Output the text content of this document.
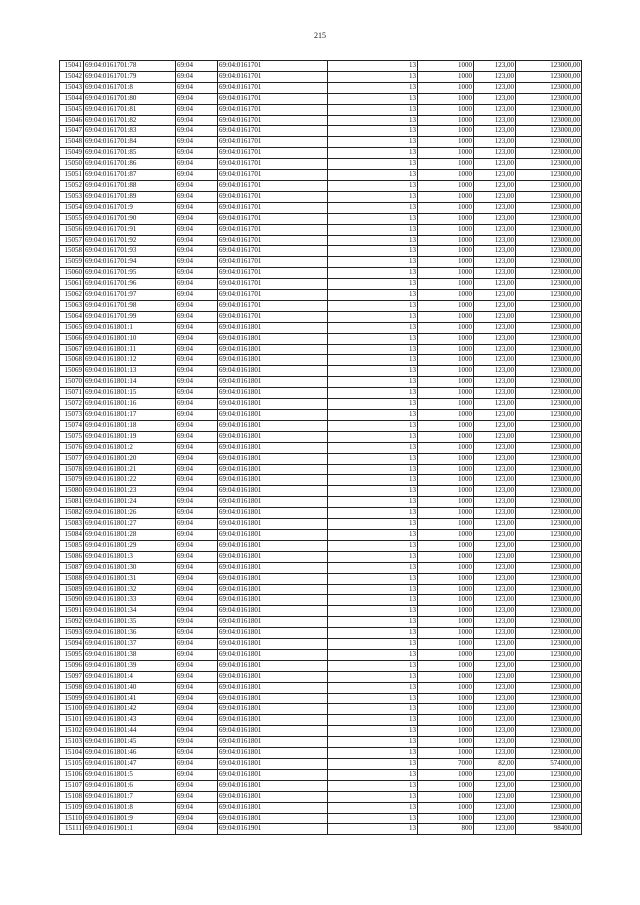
215
15041	69:04:0161701:78	69:04	69:04:0161701	13	1000	123,00	123000,00
15042	69:04:0161701:79	69:04	69:04:0161701	13	1000	123,00	123000,00
15043	69:04:0161701:8	69:04	69:04:0161701	13	1000	123,00	123000,00
15044	69:04:0161701:80	69:04	69:04:0161701	13	1000	123,00	123000,00
15045	69:04:0161701:81	69:04	69:04:0161701	13	1000	123,00	123000,00
15046	69:04:0161701:82	69:04	69:04:0161701	13	1000	123,00	123000,00
15047	69:04:0161701:83	69:04	69:04:0161701	13	1000	123,00	123000,00
15048	69:04:0161701:84	69:04	69:04:0161701	13	1000	123,00	123000,00
15049	69:04:0161701:85	69:04	69:04:0161701	13	1000	123,00	123000,00
15050	69:04:0161701:86	69:04	69:04:0161701	13	1000	123,00	123000,00
15051	69:04:0161701:87	69:04	69:04:0161701	13	1000	123,00	123000,00
15052	69:04:0161701:88	69:04	69:04:0161701	13	1000	123,00	123000,00
15053	69:04:0161701:89	69:04	69:04:0161701	13	1000	123,00	123000,00
15054	69:04:0161701:9	69:04	69:04:0161701	13	1000	123,00	123000,00
15055	69:04:0161701:90	69:04	69:04:0161701	13	1000	123,00	123000,00
15056	69:04:0161701:91	69:04	69:04:0161701	13	1000	123,00	123000,00
15057	69:04:0161701:92	69:04	69:04:0161701	13	1000	123,00	123000,00
15058	69:04:0161701:93	69:04	69:04:0161701	13	1000	123,00	123000,00
15059	69:04:0161701:94	69:04	69:04:0161701	13	1000	123,00	123000,00
15060	69:04:0161701:95	69:04	69:04:0161701	13	1000	123,00	123000,00
15061	69:04:0161701:96	69:04	69:04:0161701	13	1000	123,00	123000,00
15062	69:04:0161701:97	69:04	69:04:0161701	13	1000	123,00	123000,00
15063	69:04:0161701:98	69:04	69:04:0161701	13	1000	123,00	123000,00
15064	69:04:0161701:99	69:04	69:04:0161701	13	1000	123,00	123000,00
15065	69:04:0161801:1	69:04	69:04:0161801	13	1000	123,00	123000,00
15066	69:04:0161801:10	69:04	69:04:0161801	13	1000	123,00	123000,00
15067	69:04:0161801:11	69:04	69:04:0161801	13	1000	123,00	123000,00
15068	69:04:0161801:12	69:04	69:04:0161801	13	1000	123,00	123000,00
15069	69:04:0161801:13	69:04	69:04:0161801	13	1000	123,00	123000,00
15070	69:04:0161801:14	69:04	69:04:0161801	13	1000	123,00	123000,00
15071	69:04:0161801:15	69:04	69:04:0161801	13	1000	123,00	123000,00
15072	69:04:0161801:16	69:04	69:04:0161801	13	1000	123,00	123000,00
15073	69:04:0161801:17	69:04	69:04:0161801	13	1000	123,00	123000,00
15074	69:04:0161801:18	69:04	69:04:0161801	13	1000	123,00	123000,00
15075	69:04:0161801:19	69:04	69:04:0161801	13	1000	123,00	123000,00
15076	69:04:0161801:2	69:04	69:04:0161801	13	1000	123,00	123000,00
15077	69:04:0161801:20	69:04	69:04:0161801	13	1000	123,00	123000,00
15078	69:04:0161801:21	69:04	69:04:0161801	13	1000	123,00	123000,00
15079	69:04:0161801:22	69:04	69:04:0161801	13	1000	123,00	123000,00
15080	69:04:0161801:23	69:04	69:04:0161801	13	1000	123,00	123000,00
15081	69:04:0161801:24	69:04	69:04:0161801	13	1000	123,00	123000,00
15082	69:04:0161801:26	69:04	69:04:0161801	13	1000	123,00	123000,00
15083	69:04:0161801:27	69:04	69:04:0161801	13	1000	123,00	123000,00
15084	69:04:0161801:28	69:04	69:04:0161801	13	1000	123,00	123000,00
15085	69:04:0161801:29	69:04	69:04:0161801	13	1000	123,00	123000,00
15086	69:04:0161801:3	69:04	69:04:0161801	13	1000	123,00	123000,00
15087	69:04:0161801:30	69:04	69:04:0161801	13	1000	123,00	123000,00
15088	69:04:0161801:31	69:04	69:04:0161801	13	1000	123,00	123000,00
15089	69:04:0161801:32	69:04	69:04:0161801	13	1000	123,00	123000,00
15090	69:04:0161801:33	69:04	69:04:0161801	13	1000	123,00	123000,00
15091	69:04:0161801:34	69:04	69:04:0161801	13	1000	123,00	123000,00
15092	69:04:0161801:35	69:04	69:04:0161801	13	1000	123,00	123000,00
15093	69:04:0161801:36	69:04	69:04:0161801	13	1000	123,00	123000,00
15094	69:04:0161801:37	69:04	69:04:0161801	13	1000	123,00	123000,00
15095	69:04:0161801:38	69:04	69:04:0161801	13	1000	123,00	123000,00
15096	69:04:0161801:39	69:04	69:04:0161801	13	1000	123,00	123000,00
15097	69:04:0161801:4	69:04	69:04:0161801	13	1000	123,00	123000,00
15098	69:04:0161801:40	69:04	69:04:0161801	13	1000	123,00	123000,00
15099	69:04:0161801:41	69:04	69:04:0161801	13	1000	123,00	123000,00
15100	69:04:0161801:42	69:04	69:04:0161801	13	1000	123,00	123000,00
15101	69:04:0161801:43	69:04	69:04:0161801	13	1000	123,00	123000,00
15102	69:04:0161801:44	69:04	69:04:0161801	13	1000	123,00	123000,00
15103	69:04:0161801:45	69:04	69:04:0161801	13	1000	123,00	123000,00
15104	69:04:0161801:46	69:04	69:04:0161801	13	1000	123,00	123000,00
15105	69:04:0161801:47	69:04	69:04:0161801	13	7000	82,00	574000,00
15106	69:04:0161801:5	69:04	69:04:0161801	13	1000	123,00	123000,00
15107	69:04:0161801:6	69:04	69:04:0161801	13	1000	123,00	123000,00
15108	69:04:0161801:7	69:04	69:04:0161801	13	1000	123,00	123000,00
15109	69:04:0161801:8	69:04	69:04:0161801	13	1000	123,00	123000,00
15110	69:04:0161801:9	69:04	69:04:0161801	13	1000	123,00	123000,00
15111	69:04:0161901:1	69:04	69:04:0161901	13	800	123,00	98400,00
